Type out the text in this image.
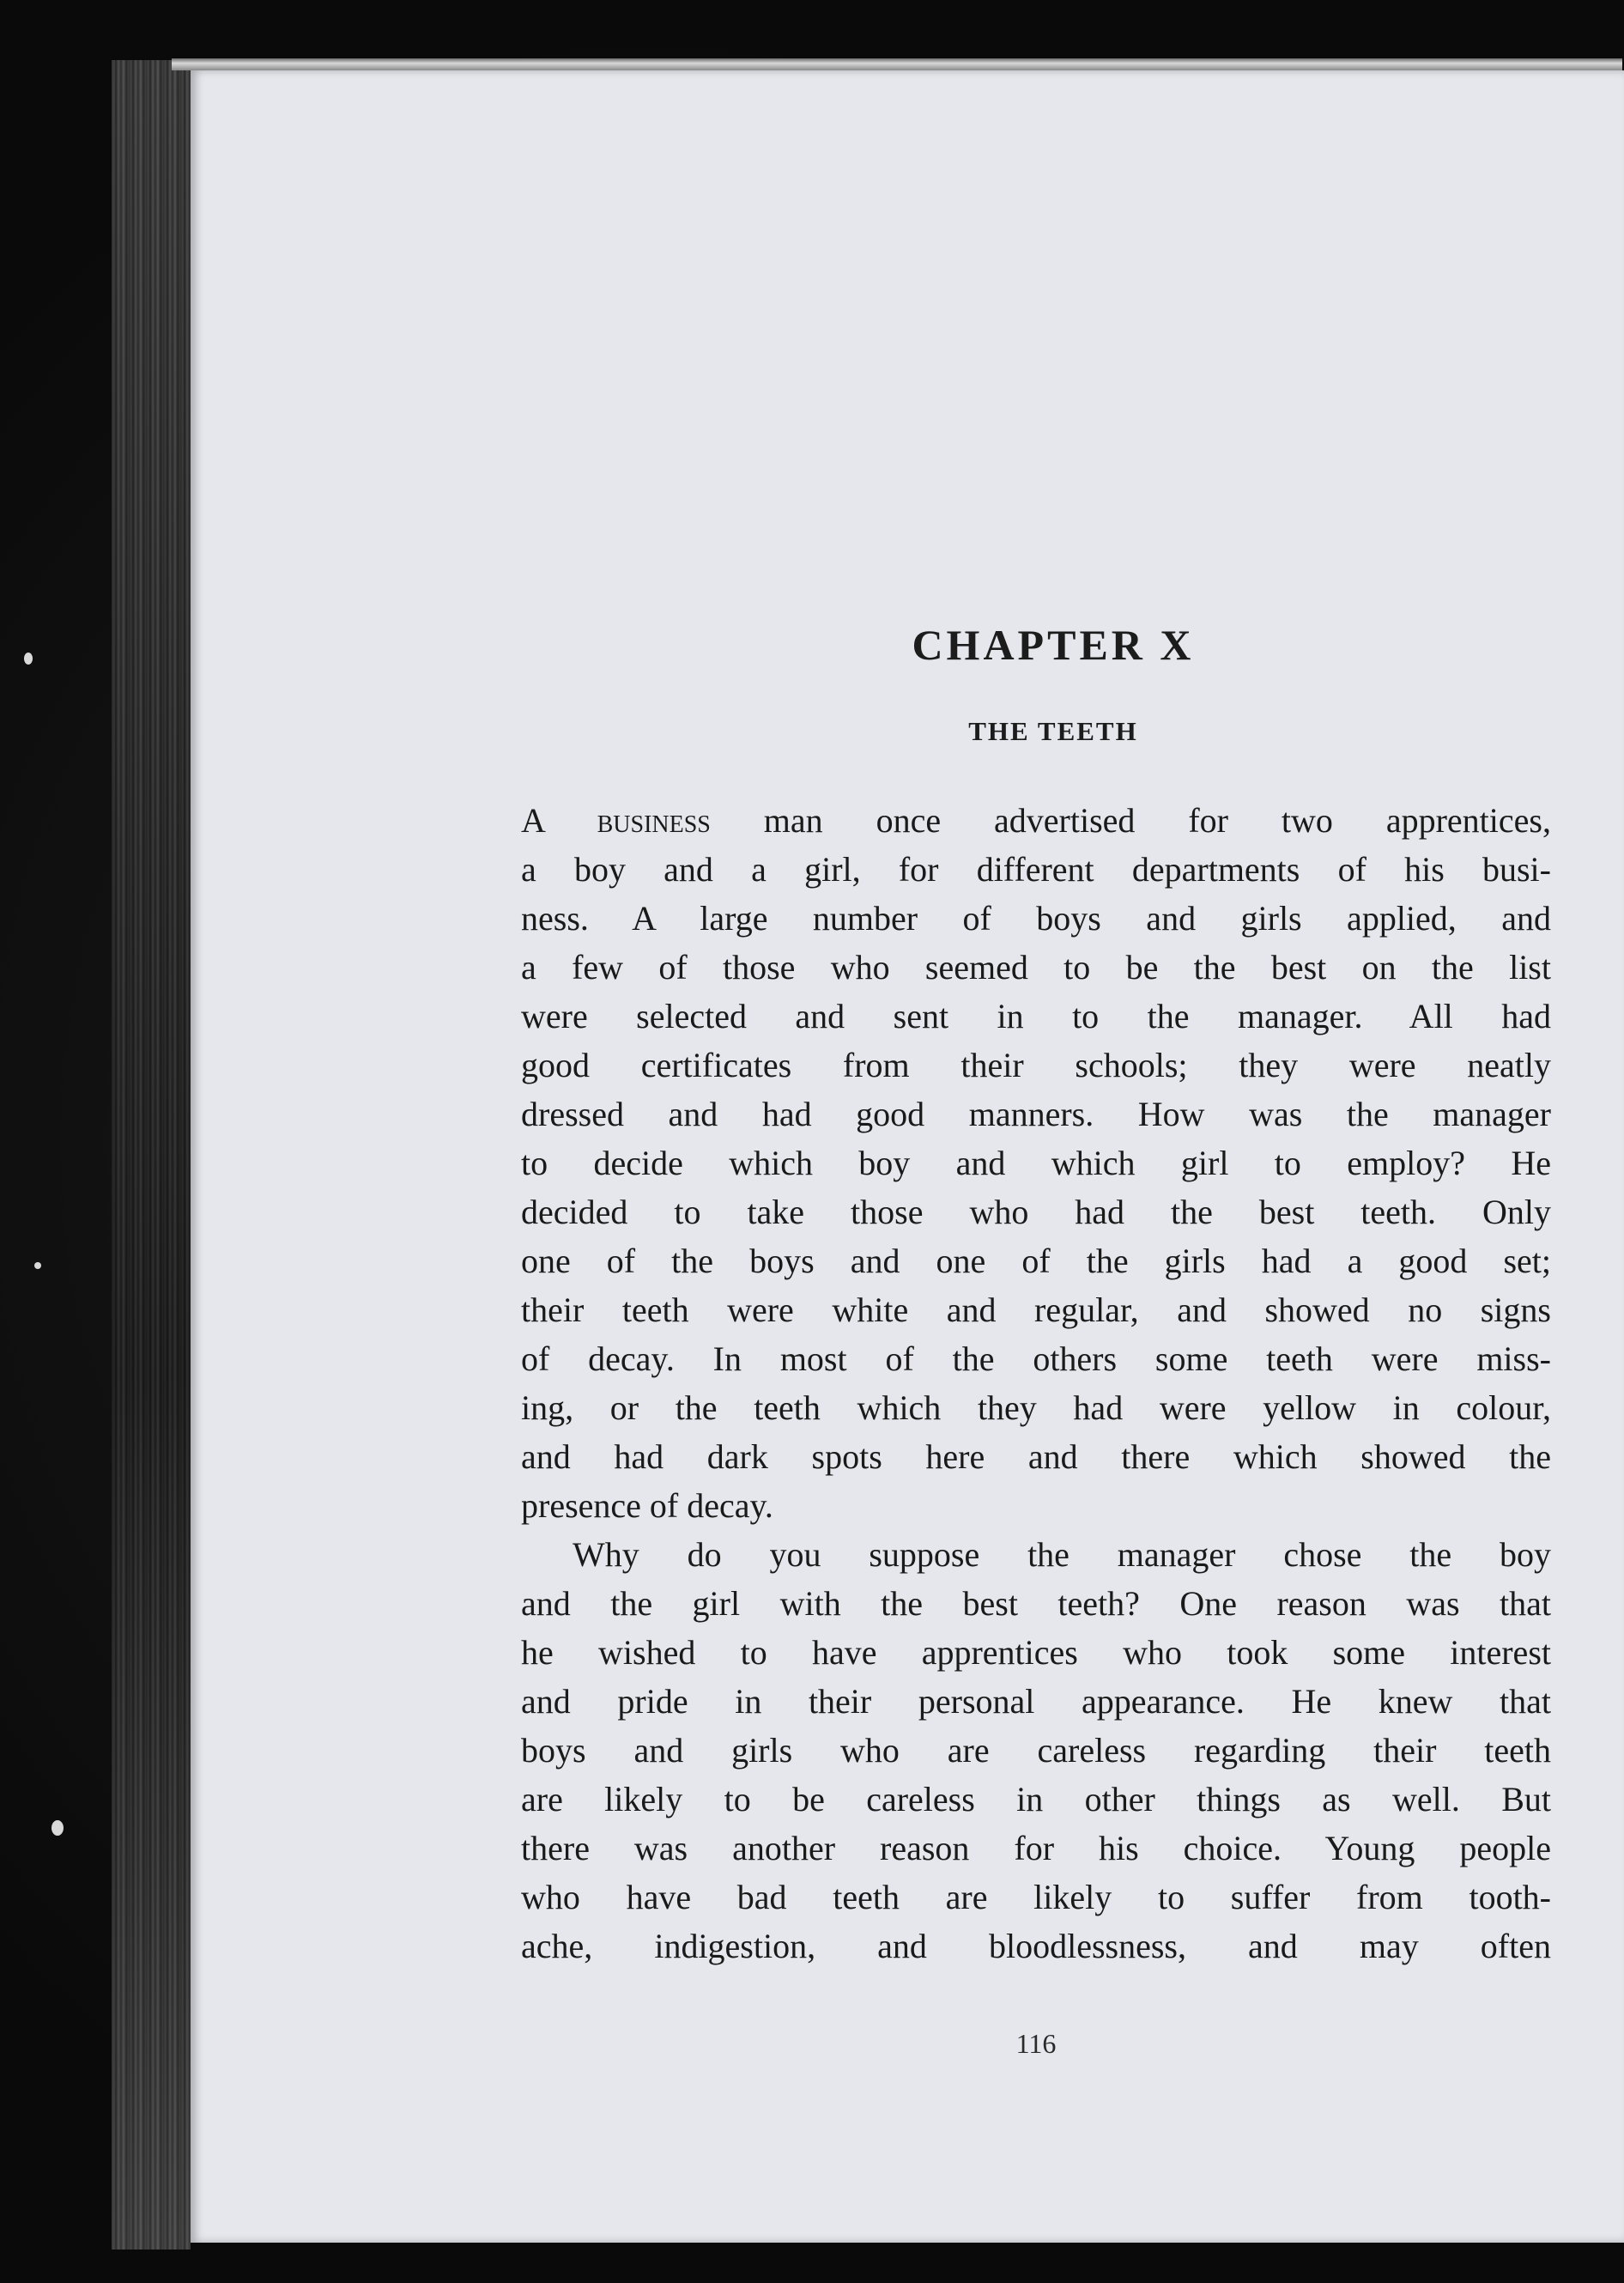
CHAPTER X
THE TEETH
A business man once advertised for two apprentices,
a boy and a girl, for different departments of his busi-
ness. A large number of boys and girls applied, and
a few of those who seemed to be the best on the list
were selected and sent in to the manager. All had
good certificates from their schools; they were neatly
dressed and had good manners. How was the manager
to decide which boy and which girl to employ? He
decided to take those who had the best teeth. Only
one of the boys and one of the girls had a good set;
their teeth were white and regular, and showed no signs
of decay. In most of the others some teeth were miss-
ing, or the teeth which they had were yellow in colour,
and had dark spots here and there which showed the
presence of decay.
Why do you suppose the manager chose the boy
and the girl with the best teeth? One reason was that
he wished to have apprentices who took some interest
and pride in their personal appearance. He knew that
boys and girls who are careless regarding their teeth
are likely to be careless in other things as well. But
there was another reason for his choice. Young people
who have bad teeth are likely to suffer from tooth-
ache, indigestion, and bloodlessness, and may often
116
